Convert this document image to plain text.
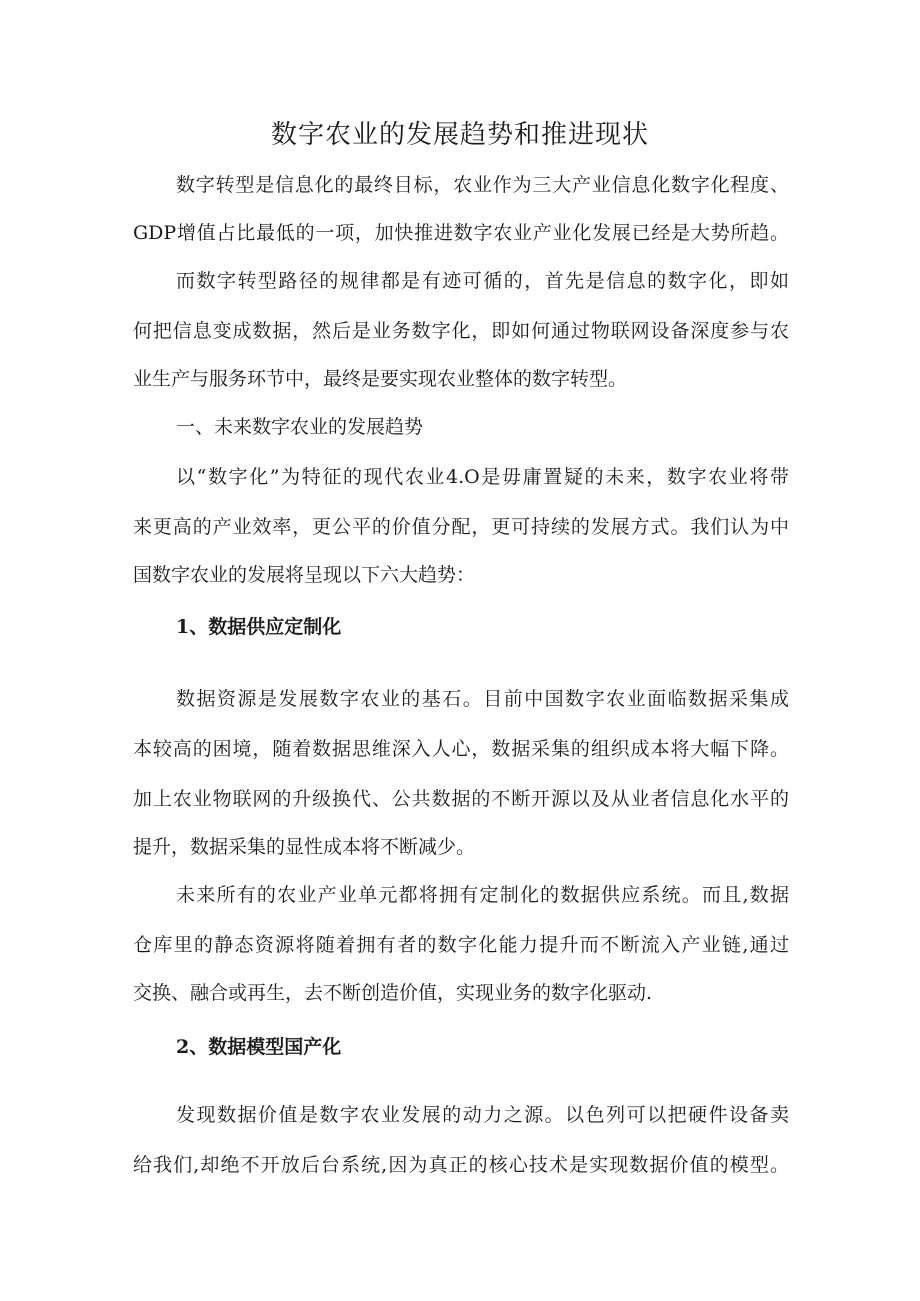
数字农业的发展趋势和推进现状

数字转型是信息化的最终目标，农业作为三大产业信息化数字化程度、

GDP增值占比最低的一项，加快推进数字农业产业化发展已经是大势所趋。

而数字转型路径的规律都是有迹可循的，首先是信息的数字化，即如

何把信息变成数据，然后是业务数字化，即如何通过物联网设备深度参与农

业生产与服务环节中，最终是要实现农业整体的数字转型。

一、未来数字农业的发展趋势

以“数字化”为特征的现代农业4.O是毋庸置疑的未来，数字农业将带

来更高的产业效率，更公平的价值分配，更可持续的发展方式。我们认为中

国数字农业的发展将呈现以下六大趋势：

1、数据供应定制化

数据资源是发展数字农业的基石。目前中国数字农业面临数据采集成

本较高的困境，随着数据思维深入人心，数据采集的组织成本将大幅下降。

加上农业物联网的升级换代、公共数据的不断开源以及从业者信息化水平的

提升，数据采集的显性成本将不断减少。

未来所有的农业产业单元都将拥有定制化的数据供应系统。而且,数据

仓库里的静态资源将随着拥有者的数字化能力提升而不断流入产业链,通过

交换、融合或再生，去不断创造价值，实现业务的数字化驱动.

2、数据模型国产化

发现数据价值是数字农业发展的动力之源。以色列可以把硬件设备卖

给我们,却绝不开放后台系统,因为真正的核心技术是实现数据价值的模型。
